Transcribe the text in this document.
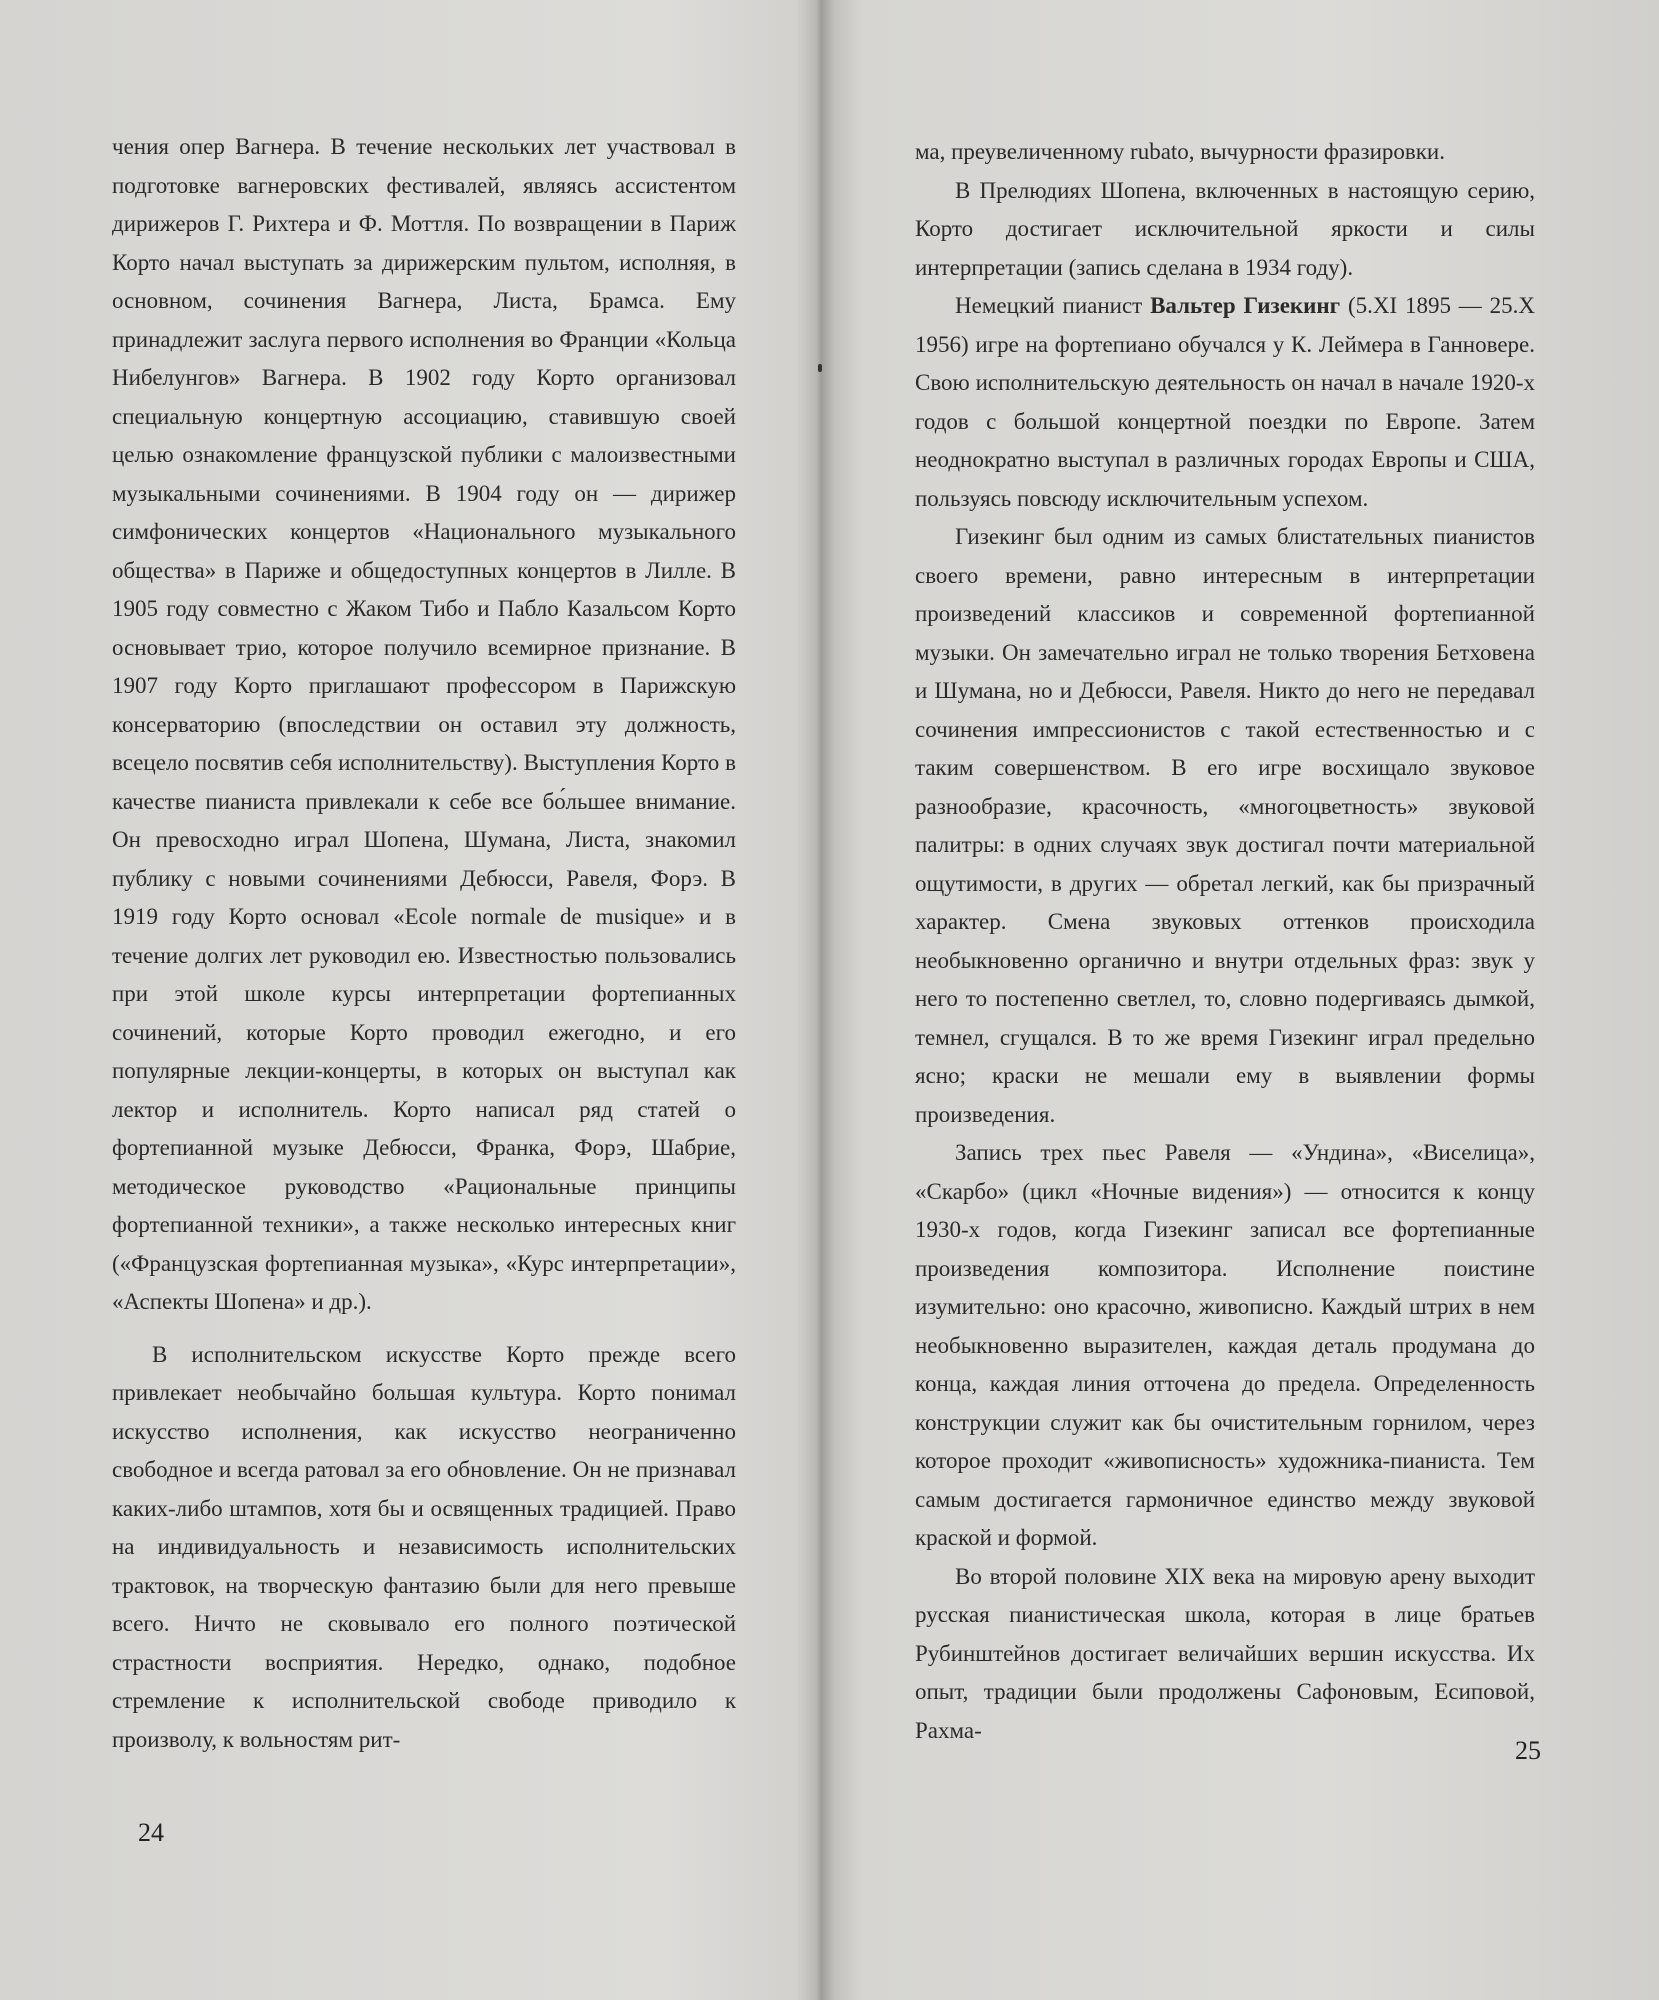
чения опер Вагнера. В течение нескольких лет участвовал в подготовке вагнеровских фестивалей, являясь ассистентом дирижеров Г. Рихтера и Ф. Моттля. По возвращении в Париж Корто начал выступать за дирижерским пультом, исполняя, в основном, сочинения Вагнера, Листа, Брамса. Ему принадлежит заслуга первого исполнения во Франции «Кольца Нибелунгов» Вагнера. В 1902 году Корто организовал специальную концертную ассоциацию, ставившую своей целью ознакомление французской публики с малоизвестными музыкальными сочинениями. В 1904 году он — дирижер симфонических концертов «Национального музыкального общества» в Париже и общедоступных концертов в Лилле. В 1905 году совместно с Жаком Тибо и Пабло Казальсом Корто основывает трио, которое получило всемирное признание. В 1907 году Корто приглашают профессором в Парижскую консерваторию (впоследствии он оставил эту должность, всецело посвятив себя исполнительству). Выступления Корто в качестве пианиста привлекали к себе все бо́льшее внимание. Он превосходно играл Шопена, Шумана, Листа, знакомил публику с новыми сочинениями Дебюсси, Равеля, Форэ. В 1919 году Корто основал «Ecole normale de musique» и в течение долгих лет руководил ею. Известностью пользовались при этой школе курсы интерпретации фортепианных сочинений, которые Корто проводил ежегодно, и его популярные лекции-концерты, в которых он выступал как лектор и исполнитель. Корто написал ряд статей о фортепианной музыке Дебюсси, Франка, Форэ, Шабрие, методическое руководство «Рациональные принципы фортепианной техники», а также несколько интересных книг («Французская фортепианная музыка», «Курс интерпретации», «Аспекты Шопена» и др.).

В исполнительском искусстве Корто прежде всего привлекает необычайно большая культура. Корто понимал искусство исполнения, как искусство неограниченно свободное и всегда ратовал за его обновление. Он не признавал каких-либо штампов, хотя бы и освященных традицией. Право на индивидуальность и независимость исполнительских трактовок, на творческую фантазию были для него превыше всего. Ничто не сковывало его полного поэтической страстности восприятия. Нередко, однако, подобное стремление к исполнительской свободе приводило к произволу, к вольностям рит-

24

ма, преувеличенному rubato, вычурности фразировки.

В Прелюдиях Шопена, включенных в настоящую серию, Корто достигает исключительной яркости и силы интерпретации (запись сделана в 1934 году).

Немецкий пианист Вальтер Гизекинг (5.XI 1895 — 25.X 1956) игре на фортепиано обучался у К. Леймера в Ганновере. Свою исполнительскую деятельность он начал в начале 1920-х годов с большой концертной поездки по Европе. Затем неоднократно выступал в различных городах Европы и США, пользуясь повсюду исключительным успехом.

Гизекинг был одним из самых блистательных пианистов своего времени, равно интересным в интерпретации произведений классиков и современной фортепианной музыки. Он замечательно играл не только творения Бетховена и Шумана, но и Дебюсси, Равеля. Никто до него не передавал сочинения импрессионистов с такой естественностью и с таким совершенством. В его игре восхищало звуковое разнообразие, красочность, «многоцветность» звуковой палитры: в одних случаях звук достигал почти материальной ощутимости, в других — обретал легкий, как бы призрачный характер. Смена звуковых оттенков происходила необыкновенно органично и внутри отдельных фраз: звук у него то постепенно светлел, то, словно подергиваясь дымкой, темнел, сгущался. В то же время Гизекинг играл предельно ясно; краски не мешали ему в выявлении формы произведения.

Запись трех пьес Равеля — «Ундина», «Виселица», «Скарбо» (цикл «Ночные видения») — относится к концу 1930-х годов, когда Гизекинг записал все фортепианные произведения композитора. Исполнение поистине изумительно: оно красочно, живописно. Каждый штрих в нем необыкновенно выразителен, каждая деталь продумана до конца, каждая линия отточена до предела. Определенность конструкции служит как бы очистительным горнилом, через которое проходит «живописность» художника-пианиста. Тем самым достигается гармоничное единство между звуковой краской и формой.

Во второй половине XIX века на мировую арену выходит русская пианистическая школа, которая в лице братьев Рубинштейнов достигает величайших вершин искусства. Их опыт, традиции были продолжены Сафоновым, Есиповой, Рахма-

25
